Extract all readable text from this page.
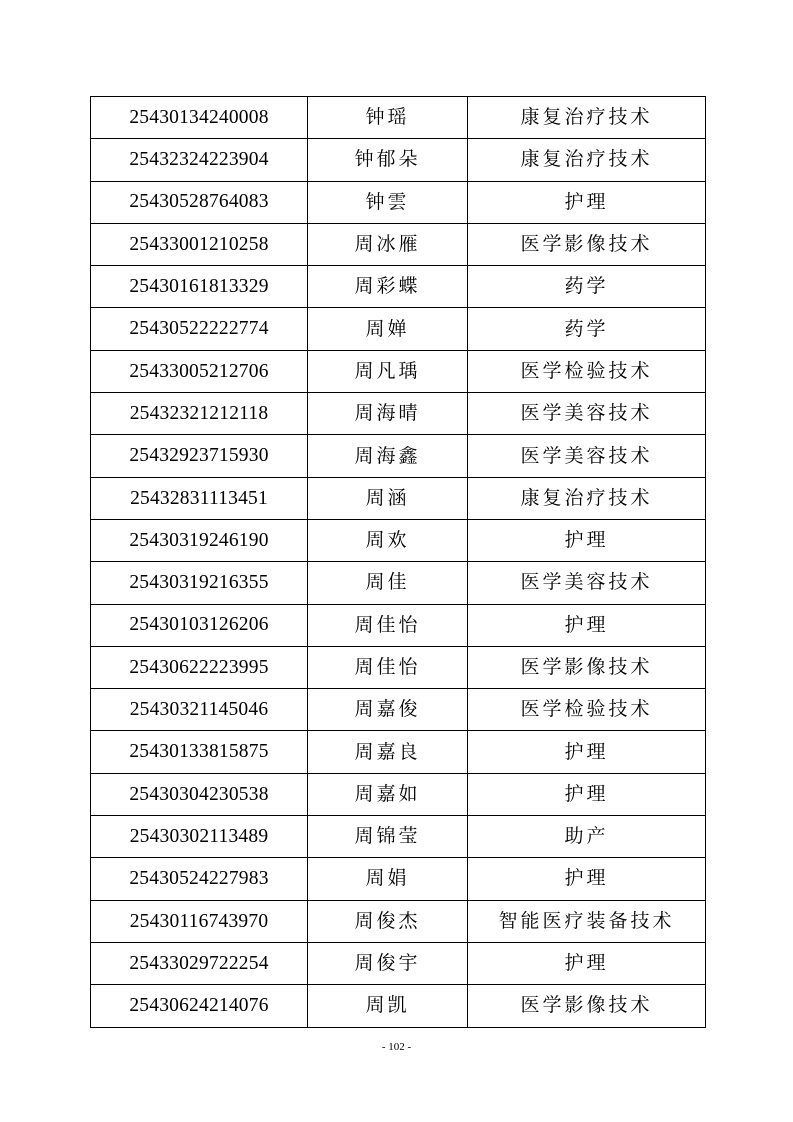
25430134240008	钟瑶	康复治疗技术
25432324223904	钟郁朵	康复治疗技术
25430528764083	钟雲	护理
25433001210258	周冰雁	医学影像技术
25430161813329	周彩蝶	药学
25430522222774	周婵	药学
25433005212706	周凡瑀	医学检验技术
25432321212118	周海晴	医学美容技术
25432923715930	周海鑫	医学美容技术
25432831113451	周涵	康复治疗技术
25430319246190	周欢	护理
25430319216355	周佳	医学美容技术
25430103126206	周佳怡	护理
25430622223995	周佳怡	医学影像技术
25430321145046	周嘉俊	医学检验技术
25430133815875	周嘉良	护理
25430304230538	周嘉如	护理
25430302113489	周锦莹	助产
25430524227983	周娟	护理
25430116743970	周俊杰	智能医疗装备技术
25433029722254	周俊宇	护理
25430624214076	周凯	医学影像技术
- 102 -
